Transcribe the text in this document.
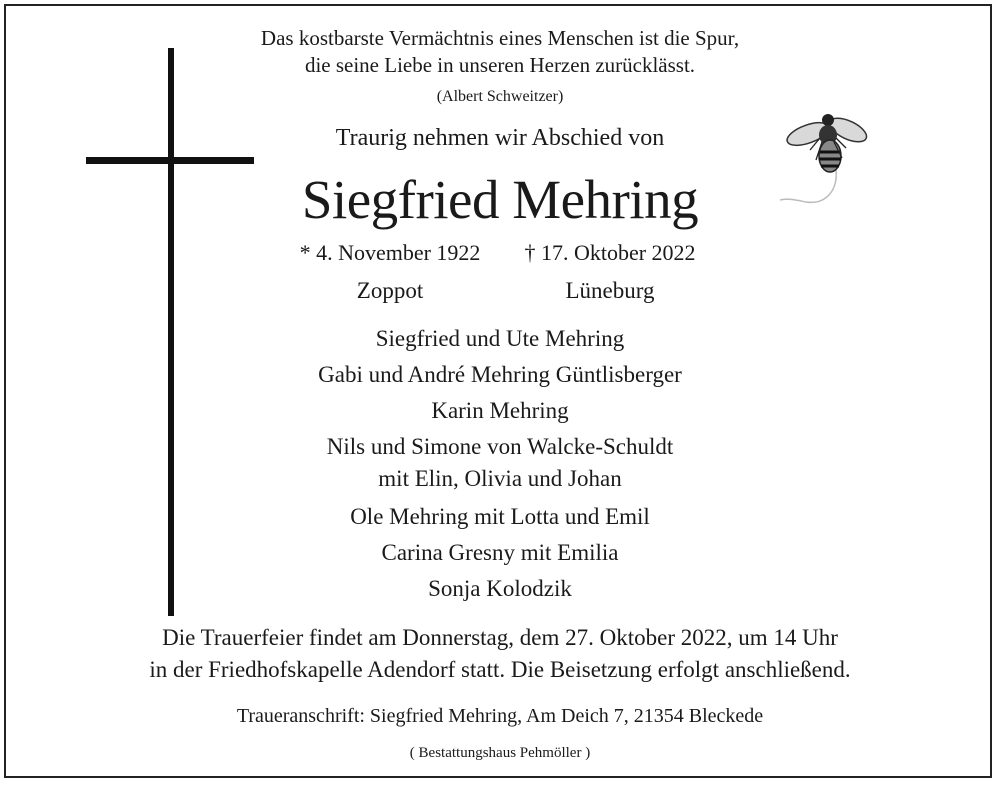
Das kostbarste Vermächtnis eines Menschen ist die Spur,
die seine Liebe in unseren Herzen zurücklässt.
(Albert Schweitzer)
Traurig nehmen wir Abschied von
Siegfried Mehring
* 4. November 1922	† 17. Oktober 2022
Zoppot	Lüneburg
Siegfried und Ute Mehring
Gabi und André Mehring Güntlisberger
Karin Mehring
Nils und Simone von Walcke-Schuldt
mit Elin, Olivia und Johan
Ole Mehring mit Lotta und Emil
Carina Gresny mit Emilia
Sonja Kolodzik
Die Trauerfeier findet am Donnerstag, dem 27. Oktober 2022, um 14 Uhr
in der Friedhofskapelle Adendorf statt. Die Beisetzung erfolgt anschließend.
Traueranschrift: Siegfried Mehring, Am Deich 7, 21354 Bleckede
( Bestattungshaus Pehmöller )
